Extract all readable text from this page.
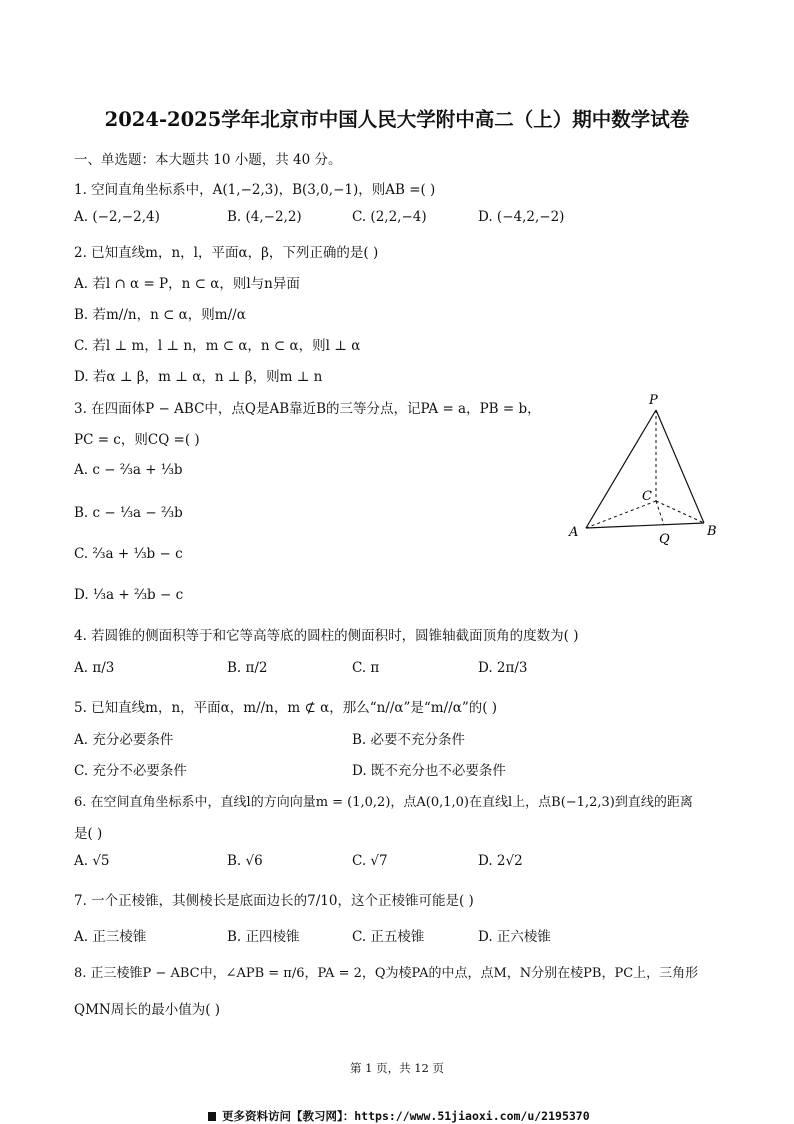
2024-2025学年北京市中国人民大学附中高二（上）期中数学试卷
一、单选题：本大题共 10 小题，共 40 分。
1. 空间直角坐标系中，A(1,−2,3)，B(3,0,−1)，则AB =( )
A. (−2,−2,4)	B. (4,−2,2)	C. (2,2,−4)	D. (−4,2,−2)
2. 已知直线m，n，l，平面α，β，下列正确的是( )
A. 若l ∩ α = P，n ⊂ α，则l与n异面
B. 若m//n，n ⊂ α，则m//α
C. 若l ⊥ m，l ⊥ n，m ⊂ α，n ⊂ α，则l ⊥ α
D. 若α ⊥ β，m ⊥ α，n ⊥ β，则m ⊥ n
3. 在四面体P − ABC中，点Q是AB靠近B的三等分点，记PA = a，PB = b，
PC = c，则CQ =( )
A. c − ⅔a + ⅓b
B. c − ⅓a − ⅔b
C. ⅔a + ⅓b − c
D. ⅓a + ⅔b − c
P
A	B
C
Q
4. 若圆锥的侧面积等于和它等高等底的圆柱的侧面积时，圆锥轴截面顶角的度数为( )
A. π/3	B. π/2	C. π	D. 2π/3
5. 已知直线m，n，平面α，m//n，m ⊄ α，那么“n//α”是“m//α”的( )
A. 充分必要条件	B. 必要不充分条件
C. 充分不必要条件	D. 既不充分也不必要条件
6. 在空间直角坐标系中，直线l的方向向量m = (1,0,2)，点A(0,1,0)在直线l上，点B(−1,2,3)到直线的距离
是( )
A. √5	B. √6	C. √7	D. 2√2
7. 一个正棱锥，其侧棱长是底面边长的7/10，这个正棱锥可能是( )
A. 正三棱锥	B. 正四棱锥	C. 正五棱锥	D. 正六棱锥
8. 正三棱锥P − ABC中，∠APB = π/6，PA = 2，Q为棱PA的中点，点M，N分别在棱PB，PC上，三角形
QMN周长的最小值为( )
第 1 页，共 12 页
更多资料访问【教习网】：https://www.51jiaoxi.com/u/2195370
